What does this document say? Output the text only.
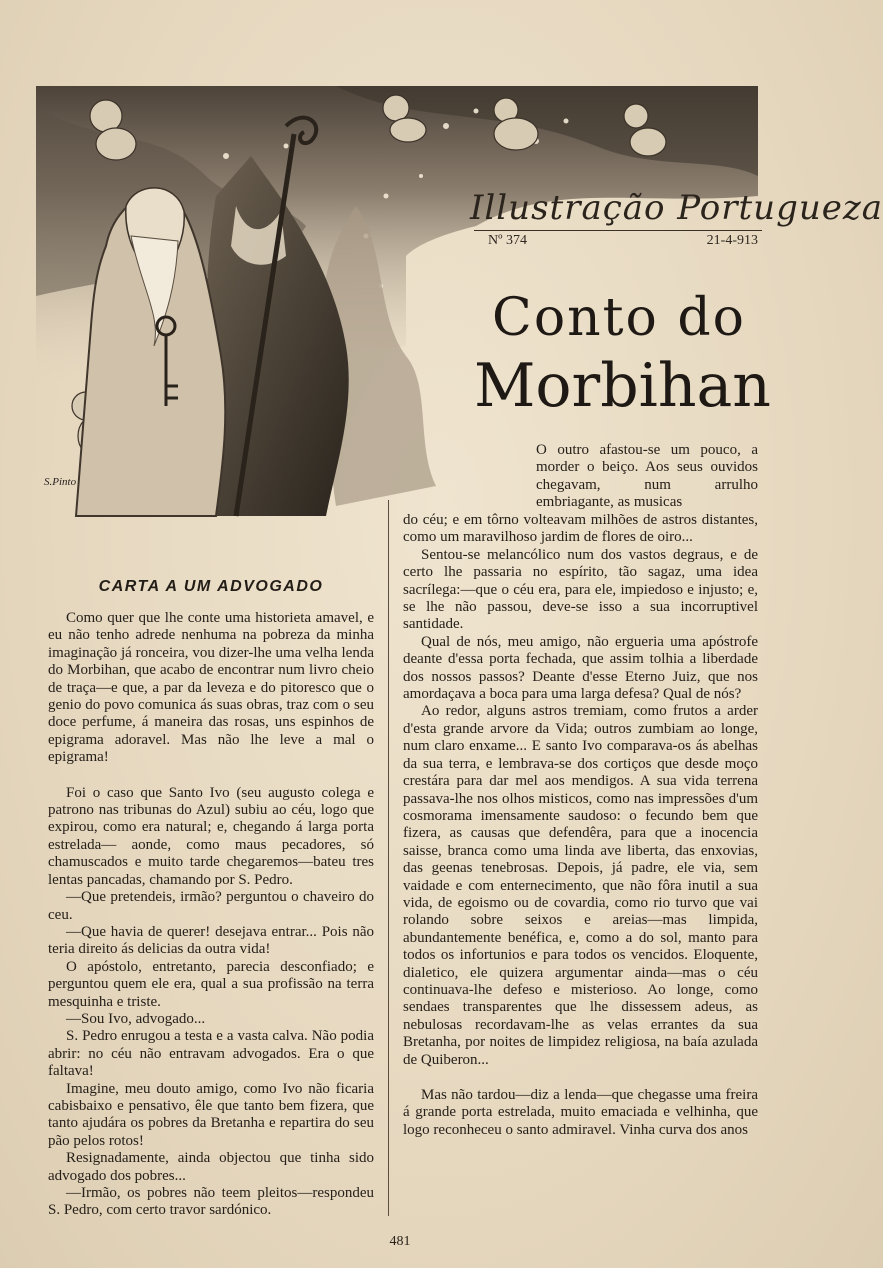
S.Pinto
Illustração Portugueza
Nº 374	21-4-913
Conto do
Morbihan

O outro afastou-se um pouco, a morder o beiço. Aos seus ouvidos chegavam, num arrulho embriagante, as musicas

CARTA A UM ADVOGADO

Como quer que lhe conte uma historieta amavel, e eu não tenho adrede nenhuma na pobreza da minha imaginação já ronceira, vou dizer-lhe uma velha lenda do Morbihan, que acabo de encontrar num livro cheio de traça—e que, a par da leveza e do pitoresco que o genio do povo comunica ás suas obras, traz com o seu doce perfume, á maneira das rosas, uns espinhos de epigrama adoravel. Mas não lhe leve a mal o epigrama!

Foi o caso que Santo Ivo (seu augusto colega e patrono nas tribunas do Azul) subiu ao céu, logo que expirou, como era natural; e, chegando á larga porta estrelada— aonde, como maus pecadores, só chamuscados e muito tarde chegaremos—bateu tres lentas pancadas, chamando por S. Pedro.

—Que pretendeis, irmão? perguntou o chaveiro do ceu.

—Que havia de querer! desejava entrar... Pois não teria direito ás delicias da outra vida!

O apóstolo, entretanto, parecia desconfiado; e perguntou quem ele era, qual a sua profissão na terra mesquinha e triste.

—Sou Ivo, advogado...

S. Pedro enrugou a testa e a vasta calva. Não podia abrir: no céu não entravam advogados. Era o que faltava!

Imagine, meu douto amigo, como Ivo não ficaria cabisbaixo e pensativo, êle que tanto bem fizera, que tanto ajudára os pobres da Bretanha e repartira do seu pão pelos rotos!

Resignadamente, ainda objectou que tinha sido advogado dos pobres...

—Irmão, os pobres não teem pleitos—respondeu S. Pedro, com certo travor sardónico.

do céu; e em tôrno volteavam milhões de astros distantes, como um maravilhoso jardim de flores de oiro...

Sentou-se melancólico num dos vastos degraus, e de certo lhe passaria no espírito, tão sagaz, uma idea sacrílega:—que o céu era, para ele, impiedoso e injusto; e, se lhe não passou, deve-se isso a sua incorruptivel santidade.

Qual de nós, meu amigo, não ergueria uma apóstrofe deante d'essa porta fechada, que assim tolhia a liberdade dos nossos passos? Deante d'esse Eterno Juiz, que nos amordaçava a boca para uma larga defesa? Qual de nós?

Ao redor, alguns astros tremiam, como frutos a arder d'esta grande arvore da Vida; outros zumbiam ao longe, num claro enxame... E santo Ivo comparava-os ás abelhas da sua terra, e lembrava-se dos cortiços que desde moço crestára para dar mel aos mendigos. A sua vida terrena passava-lhe nos olhos misticos, como nas impressões d'um cosmorama imensamente saudoso: o fecundo bem que fizera, as causas que defendêra, para que a inocencia saisse, branca como uma linda ave liberta, das enxovias, das geenas tenebrosas. Depois, já padre, ele via, sem vaidade e com enternecimento, que não fôra inutil a sua vida, de egoismo ou de covardia, como rio turvo que vai rolando sobre seixos e areias—mas limpida, abundantemente benéfica, e, como a do sol, manto para todos os infortunios e para todos os vencidos. Eloquente, dialetico, ele quizera argumentar ainda—mas o céu continuava-lhe defeso e misterioso. Ao longe, como sendaes transparentes que lhe dissessem adeus, as nebulosas recordavam-lhe as velas errantes da sua Bretanha, por noites de limpidez religiosa, na baía azulada de Quiberon...

Mas não tardou—diz a lenda—que chegasse uma freira á grande porta estrelada, muito emaciada e velhinha, que logo reconheceu o santo admiravel. Vinha curva dos anos

481
